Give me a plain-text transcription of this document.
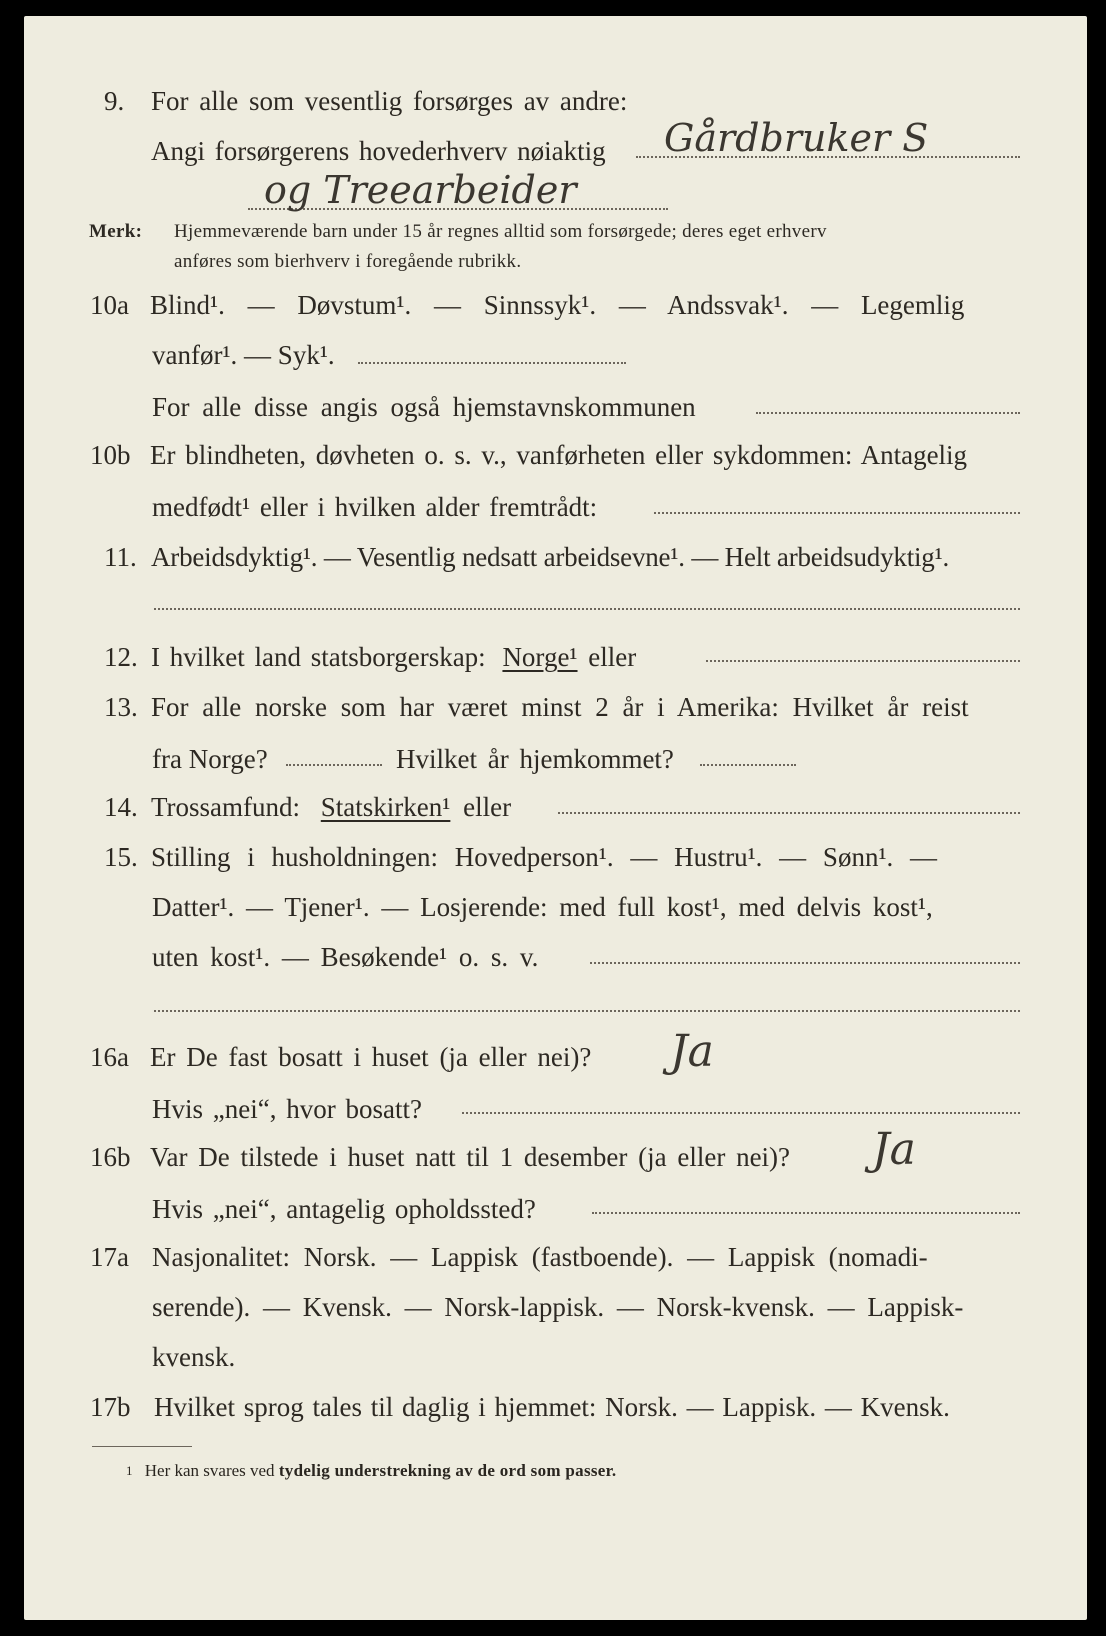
9. For alle som vesentlig forsørges av andre:
Angi forsørgerens hovederhverv nøiaktig Gårdbruker S
og Treearbeider
Merk: Hjemmeværende barn under 15 år regnes alltid som forsørgede; deres eget erhverv
anføres som bierhverv i foregående rubrikk.
10a Blind¹. — Døvstum¹. — Sinnssyk¹. — Andssvak¹. — Legemlig
vanfør¹. — Syk¹.
For alle disse angis også hjemstavnskommunen
10b Er blindheten, døvheten o. s. v., vanførheten eller sykdommen: Antagelig
medfødt¹ eller i hvilken alder fremtrådt:
11. Arbeidsdyktig¹. — Vesentlig nedsatt arbeidsevne¹. — Helt arbeidsudyktig¹.
12. I hvilket land statsborgerskap: Norge¹ eller
13. For alle norske som har været minst 2 år i Amerika: Hvilket år reist
fra Norge?	Hvilket år hjemkommet?
14. Trossamfund: Statskirken¹ eller
15. Stilling i husholdningen: Hovedperson¹. — Hustru¹. — Sønn¹. —
Datter¹. — Tjener¹. — Losjerende: med full kost¹, med delvis kost¹,
uten kost¹. — Besøkende¹ o. s. v.
16a Er De fast bosatt i huset (ja eller nei)? Ja
Hvis „nei“, hvor bosatt?
16b Var De tilstede i huset natt til 1 desember (ja eller nei)? Ja
Hvis „nei“, antagelig opholdssted?
17a Nasjonalitet: Norsk. — Lappisk (fastboende). — Lappisk (nomadi-
serende). — Kvensk. — Norsk-lappisk. — Norsk-kvensk. — Lappisk-
kvensk.
17b Hvilket sprog tales til daglig i hjemmet: Norsk. — Lappisk. — Kvensk.
$^1$ Her kan svares ved tydelig understrekning av de ord som passer.
